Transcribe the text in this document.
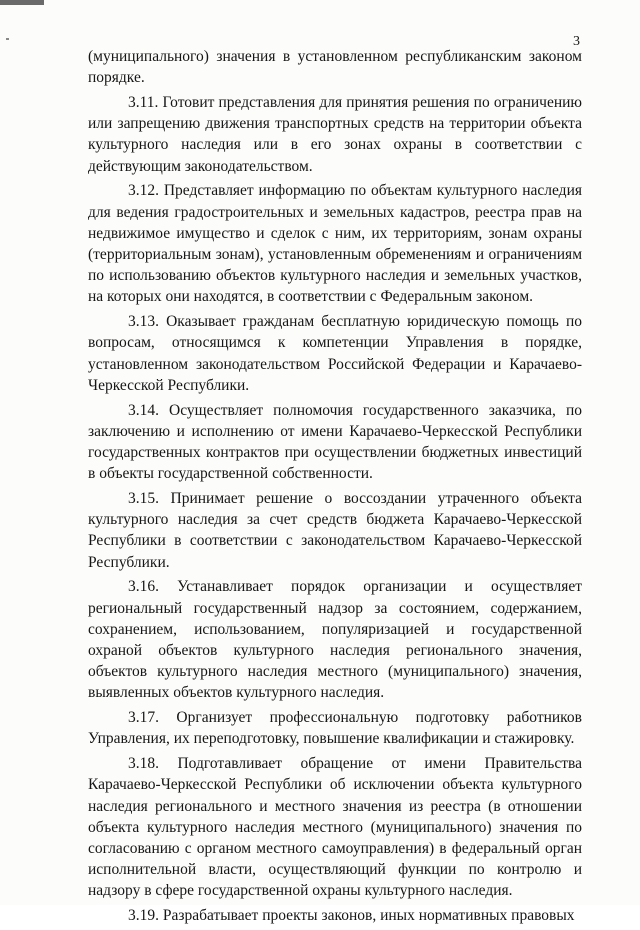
3

(муниципального) значения в установленном республиканским законом порядке.

3.11. Готовит представления для принятия решения по ограничению или запрещению движения транспортных средств на территории объекта культурного наследия или в его зонах охраны в соответствии с действующим законодательством.

3.12. Представляет информацию по объектам культурного наследия для ведения градостроительных и земельных кадастров, реестра прав на недвижимое имущество и сделок с ним, их территориям, зонам охраны (территориальным зонам), установленным обременениям и ограничениям по использованию объектов культурного наследия и земельных участков, на которых они находятся, в соответствии с Федеральным законом.

3.13. Оказывает гражданам бесплатную юридическую помощь по вопросам, относящимся к компетенции Управления в порядке, установленном законодательством Российской Федерации и Карачаево-Черкесской Республики.

3.14. Осуществляет полномочия государственного заказчика, по заключению и исполнению от имени Карачаево-Черкесской Республики государственных контрактов при осуществлении бюджетных инвестиций в объекты государственной собственности.

3.15. Принимает решение о воссоздании утраченного объекта культурного наследия за счет средств бюджета Карачаево-Черкесской Республики в соответствии с законодательством Карачаево-Черкесской Республики.

3.16. Устанавливает порядок организации и осуществляет региональный государственный надзор за состоянием, содержанием, сохранением, использованием, популяризацией и государственной охраной объектов культурного наследия регионального значения, объектов культурного наследия местного (муниципального) значения, выявленных объектов культурного наследия.

3.17. Организует профессиональную подготовку работников Управления, их переподготовку, повышение квалификации и стажировку.

3.18. Подготавливает обращение от имени Правительства Карачаево-Черкесской Республики об исключении объекта культурного наследия регионального и местного значения из реестра (в отношении объекта культурного наследия местного (муниципального) значения по согласованию с органом местного самоуправления) в федеральный орган исполнительной власти, осуществляющий функции по контролю и надзору в сфере государственной охраны культурного наследия.

3.19. Разрабатывает проекты законов, иных нормативных правовых
